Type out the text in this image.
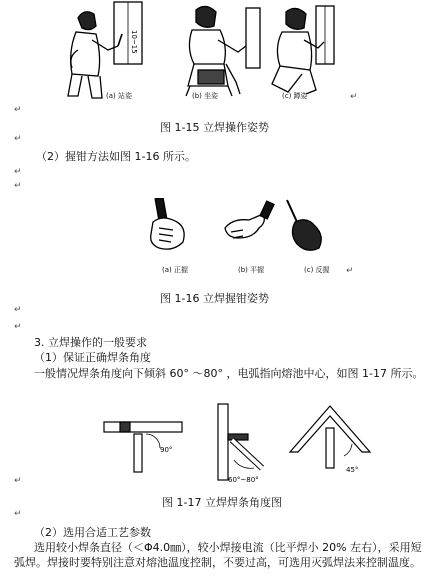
10~15
(a) 站姿	(b) 坐姿	(c) 蹲姿	↵
↵
图 1-15 立焊操作姿势
↵
（2）握钳方法如图 1-16 所示。
↵
↵
(a) 正握	(b) 平握	(c) 反握 ↵
图 1-16 立焊握钳姿势
↵
↵
3. 立焊操作的一般要求
（1）保证正确焊条角度
一般情况焊条角度向下倾斜 60° ～80° ，电弧指向熔池中心，如图 1-17 所示。
90°
60°~80°
45°
↵
图 1-17 立焊焊条角度图
↵
（2）选用合适工艺参数
选用较小焊条直径（＜Φ4.0㎜），较小焊接电流（比平焊小 20% 左右），采用短弧焊。焊接时要特别注意对熔池温度控制，不要过高，可选用灭弧焊法来控制温度。
